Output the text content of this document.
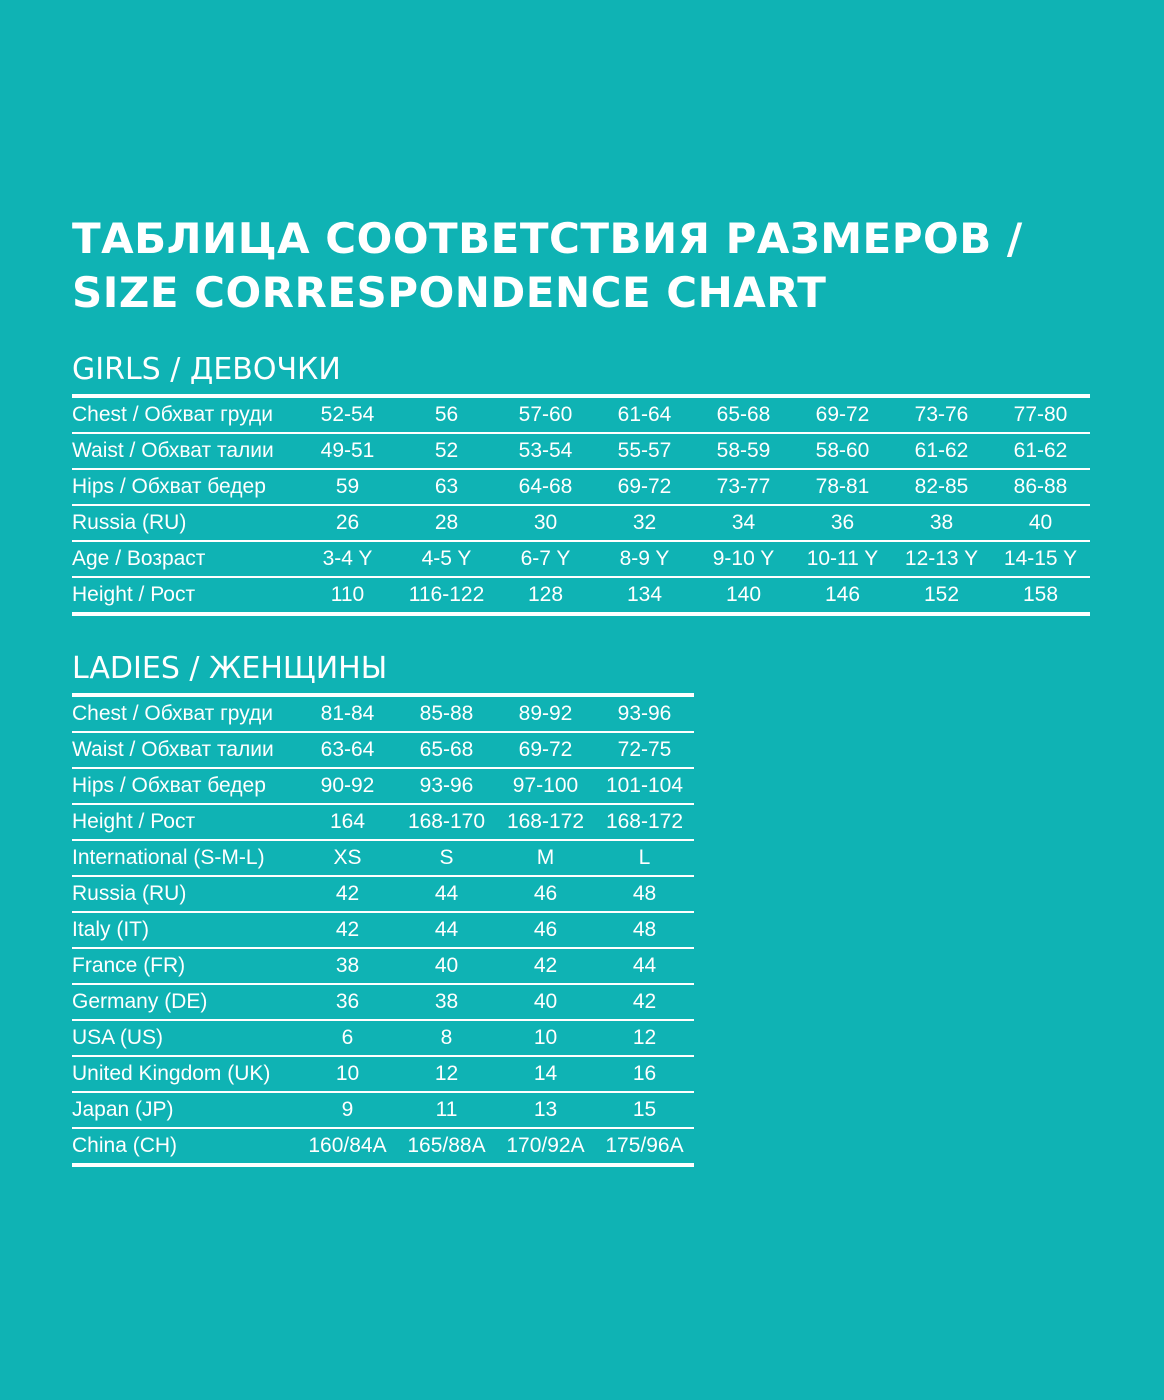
ТАБЛИЦА СООТВЕТСТВИЯ РАЗМЕРОВ /
SIZE CORRESPONDENCE CHART
GIRLS / ДЕВОЧКИ
Chest / Обхват груди	52-54	56	57-60	61-64	65-68	69-72	73-76	77-80
Waist / Обхват талии	49-51	52	53-54	55-57	58-59	58-60	61-62	61-62
Hips / Обхват бедер	59	63	64-68	69-72	73-77	78-81	82-85	86-88
Russia (RU)	26	28	30	32	34	36	38	40
Age / Возраст	3-4 Y	4-5 Y	6-7 Y	8-9 Y	9-10 Y	10-11 Y	12-13 Y	14-15 Y
Height / Рост	110	116-122	128	134	140	146	152	158
LADIES / ЖЕНЩИНЫ
Chest / Обхват груди	81-84	85-88	89-92	93-96
Waist / Обхват талии	63-64	65-68	69-72	72-75
Hips / Обхват бедер	90-92	93-96	97-100	101-104
Height / Рост	164	168-170	168-172	168-172
International (S-M-L)	XS	S	M	L
Russia (RU)	42	44	46	48
Italy (IT)	42	44	46	48
France (FR)	38	40	42	44
Germany (DE)	36	38	40	42
USA (US)	6	8	10	12
United Kingdom (UK)	10	12	14	16
Japan (JP)	9	11	13	15
China (CH)	160/84A	165/88A	170/92A	175/96A
